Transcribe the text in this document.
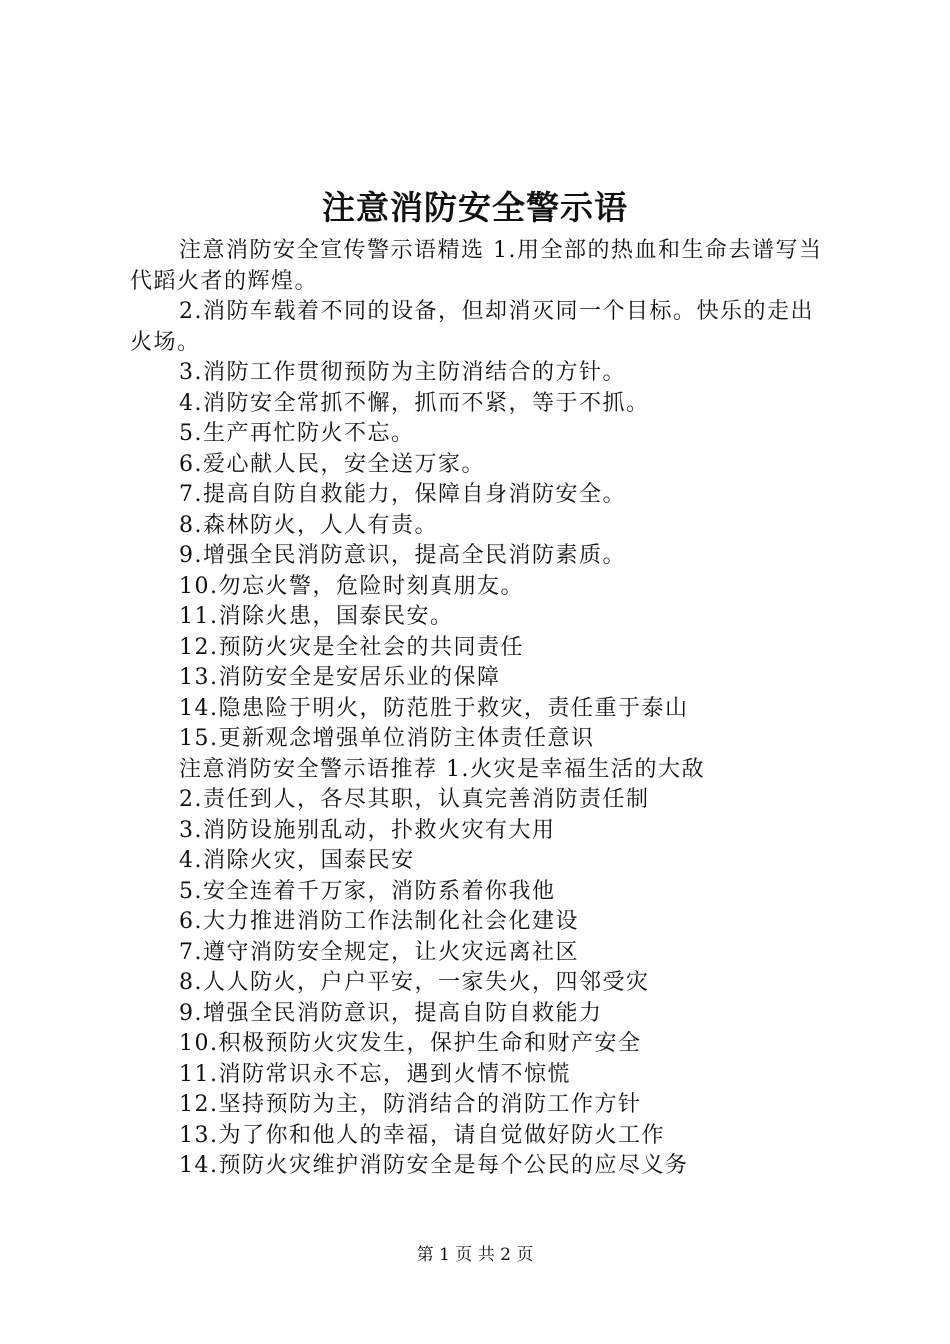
注意消防安全警示语

注意消防安全宣传警示语精选 1.用全部的热血和生命去谱写当代蹈火者的辉煌。

2.消防车载着不同的设备，但却消灭同一个目标。快乐的走出火场。

3.消防工作贯彻预防为主防消结合的方针。

4.消防安全常抓不懈，抓而不紧，等于不抓。

5.生产再忙防火不忘。

6.爱心献人民，安全送万家。

7.提高自防自救能力，保障自身消防安全。

8.森林防火，人人有责。

9.增强全民消防意识，提高全民消防素质。

10.勿忘火警，危险时刻真朋友。

11.消除火患，国泰民安。

12.预防火灾是全社会的共同责任

13.消防安全是安居乐业的保障

14.隐患险于明火，防范胜于救灾，责任重于泰山

15.更新观念增强单位消防主体责任意识

注意消防安全警示语推荐 1.火灾是幸福生活的大敌

2.责任到人，各尽其职，认真完善消防责任制

3.消防设施别乱动，扑救火灾有大用

4.消除火灾，国泰民安

5.安全连着千万家，消防系着你我他

6.大力推进消防工作法制化社会化建设

7.遵守消防安全规定，让火灾远离社区

8.人人防火，户户平安，一家失火，四邻受灾

9.增强全民消防意识，提高自防自救能力

10.积极预防火灾发生，保护生命和财产安全

11.消防常识永不忘，遇到火情不惊慌

12.坚持预防为主，防消结合的消防工作方针

13.为了你和他人的幸福，请自觉做好防火工作

14.预防火灾维护消防安全是每个公民的应尽义务

第 1 页 共 2 页
